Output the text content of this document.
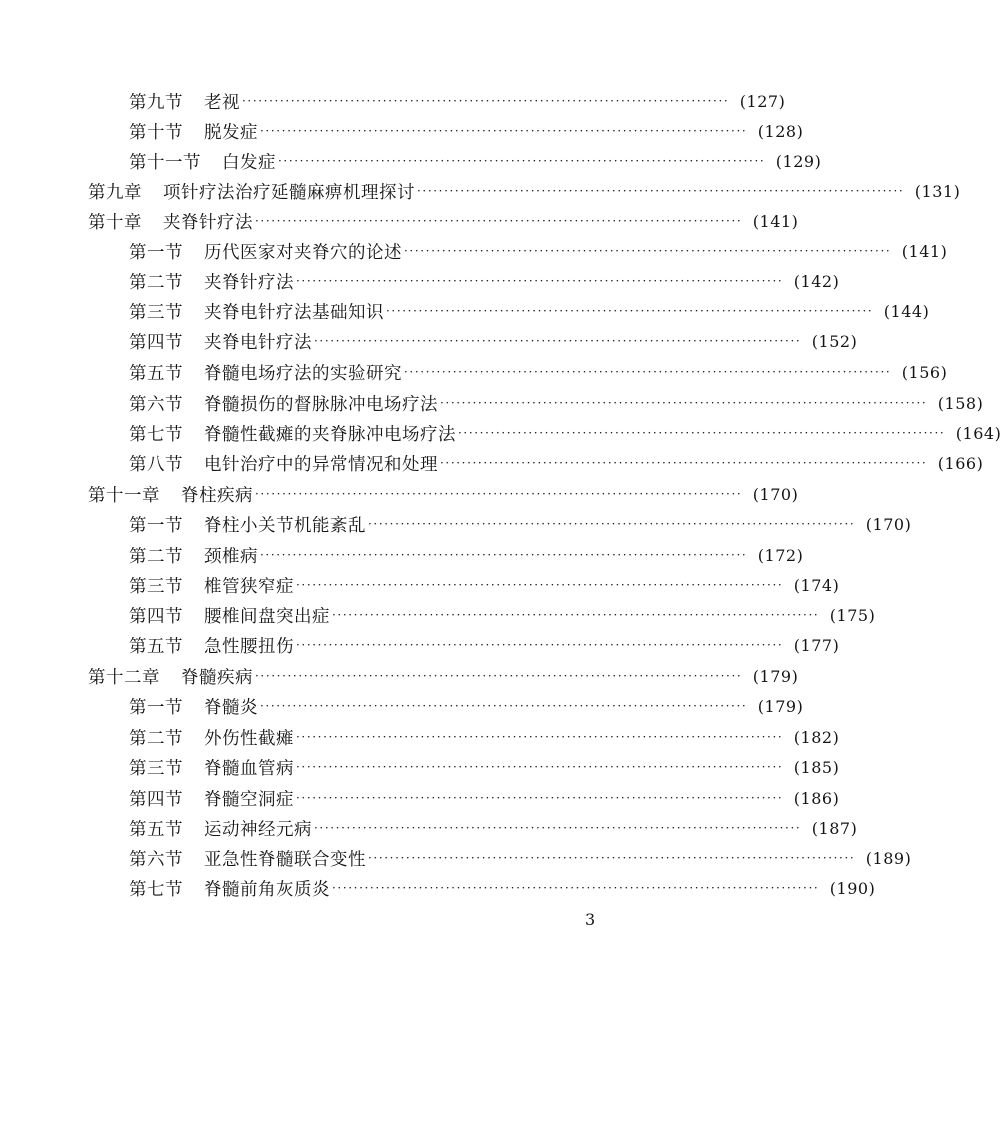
第九节 老视 ·························································································· (127)
第十节 脱发症 ·························································································· (128)
第十一节 白发症 ·························································································· (129)
第九章 项针疗法治疗延髓麻痹机理探讨 ·························································································· (131)
第十章 夹脊针疗法 ·························································································· (141)
第一节 历代医家对夹脊穴的论述 ·························································································· (141)
第二节 夹脊针疗法 ·························································································· (142)
第三节 夹脊电针疗法基础知识 ·························································································· (144)
第四节 夹脊电针疗法 ·························································································· (152)
第五节 脊髓电场疗法的实验研究 ·························································································· (156)
第六节 脊髓损伤的督脉脉冲电场疗法 ·························································································· (158)
第七节 脊髓性截瘫的夹脊脉冲电场疗法 ·························································································· (164)
第八节 电针治疗中的异常情况和处理 ·························································································· (166)
第十一章 脊柱疾病 ·························································································· (170)
第一节 脊柱小关节机能紊乱 ·························································································· (170)
第二节 颈椎病 ·························································································· (172)
第三节 椎管狭窄症 ·························································································· (174)
第四节 腰椎间盘突出症 ·························································································· (175)
第五节 急性腰扭伤 ·························································································· (177)
第十二章 脊髓疾病 ·························································································· (179)
第一节 脊髓炎 ·························································································· (179)
第二节 外伤性截瘫 ·························································································· (182)
第三节 脊髓血管病 ·························································································· (185)
第四节 脊髓空洞症 ·························································································· (186)
第五节 运动神经元病 ·························································································· (187)
第六节 亚急性脊髓联合变性 ·························································································· (189)
第七节 脊髓前角灰质炎 ·························································································· (190)
3
